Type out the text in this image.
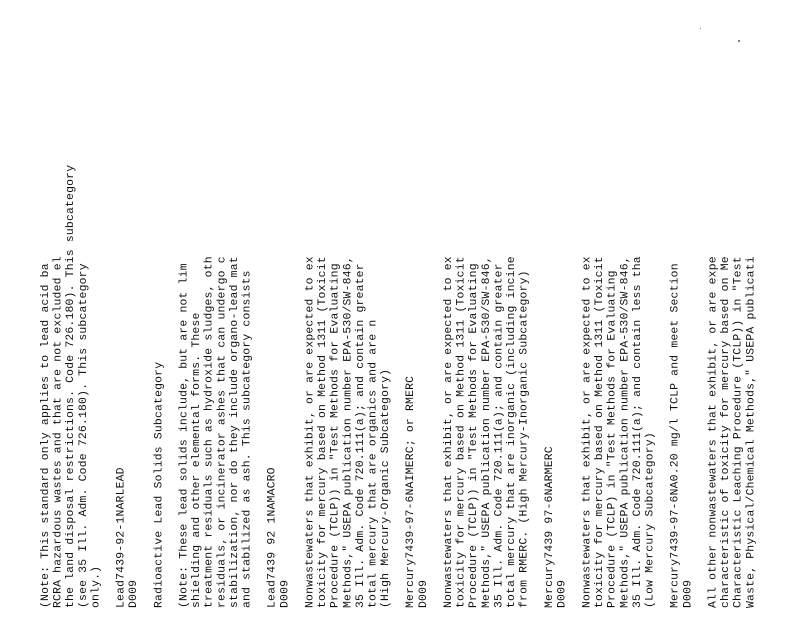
(Note: This standard only applies to lead acid ba RCRA hazardous wastes and that are not excluded el the land disposal restrictions. Code 726.180). This subcategory (see 35 Ill. Adm. Code 726.180). This subcategory only.) Lead7439-92-1NARLEAD D009 Radioactive Lead Solids Subcategory (Note: These lead solids include, but are not lim shielding and other elemental forms. These treatment residuals such as hydroxide sludges, oth residuals, or incinerator ashes that can undergo c stabilization, nor do they include organo-lead mat and stabilized as ash. This subcategory consists Lead7439 92 1NAMACRO D009 Nonwastewaters that exhibit, or are expected to ex toxicity for mercury based on Method 1311 (Toxicit Procedure (TCLP)) in "Test Methods for Evaluating Methods," USEPA publication number EPA-530/SW-846, 35 Ill. Adm. Code 720.111(a); and contain greater total mercury that are organics and are n (High Mercury-Organic Subcategory) Mercury7439-97-6NAIMERC; or RMERC D009 Nonwastewaters that exhibit, or are expected to ex toxicity for mercury based on Method 1311 (Toxicit Procedure (TCLP)) in "Test Methods for Evaluating Methods," USEPA publication number EPA-530/SW-846, 35 Ill. Adm. Code 720.111(a); and contain greater total mercury that are inorganic (including incine from RMERC. (High Mercury-Inorganic Subcategory) Mercury7439 97-6NARMERC D009 Nonwastewaters that exhibit, or are expected to ex toxicity for mercury based on Method 1311 (Toxicit Procedure (TCLP) in "Test Methods for Evaluating Methods," USEPA publication number EPA-530/SW-846, 35 Ill. Adm. Code 720.111(a); and contain less tha (Low Mercury Subcategory) Mercury7439-97-6NA0.20 mg/l TCLP and meet Section D009 All other nonwastewaters that exhibit, or are expe characteristic of toxicity for mercury based on Me Characteristic Leaching Procedure (TCLP)) in "Test Waste, Physical/Chemical Methods," USEPA publicati
